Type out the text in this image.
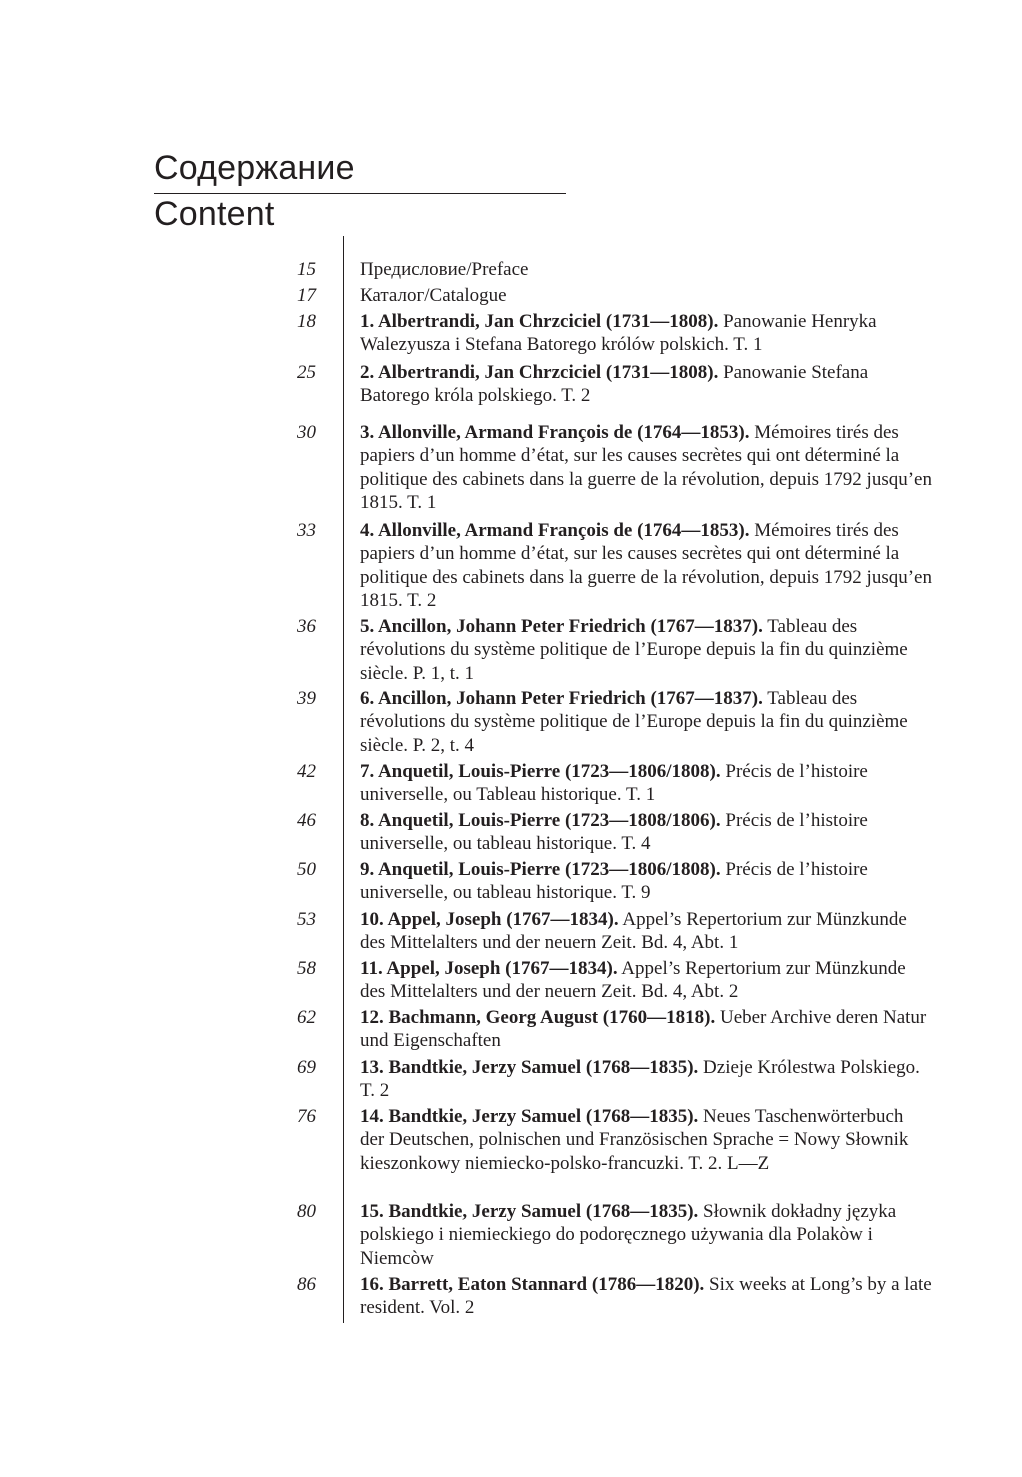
Содержание
Content
15 Предисловие/Preface
17 Каталог/Catalogue
18 1. Albertrandi, Jan Chrzciciel (1731—1808). Panowanie Henryka Walezyusza i Stefana Batorego królów polskich. T. 1
25 2. Albertrandi, Jan Chrzciciel (1731—1808). Panowanie Stefana Batorego króla polskiego. T. 2
30 3. Allonville, Armand François de (1764—1853). Mémoires tirés des papiers d’un homme d’état, sur les causes secrètes qui ont déterminé la politique des cabinets dans la guerre de la révolution, depuis 1792 jusqu’en 1815. T. 1
33 4. Allonville, Armand François de (1764—1853). Mémoires tirés des papiers d’un homme d’état, sur les causes secrètes qui ont déterminé la politique des cabinets dans la guerre de la révolution, depuis 1792 jusqu’en 1815. T. 2
36 5. Ancillon, Johann Peter Friedrich (1767—1837). Tableau des révolutions du système politique de l’Europe depuis la fin du quinzième siècle. P. 1, t. 1
39 6. Ancillon, Johann Peter Friedrich (1767—1837). Tableau des révolutions du système politique de l’Europe depuis la fin du quinzième siècle. P. 2, t. 4
42 7. Anquetil, Louis-Pierre (1723—1806/1808). Précis de l’histoire universelle, ou Tableau historique. T. 1
46 8. Anquetil, Louis-Pierre (1723—1808/1806). Précis de l’histoire universelle, ou tableau historique. T. 4
50 9. Anquetil, Louis-Pierre (1723—1806/1808). Précis de l’histoire universelle, ou tableau historique. T. 9
53 10. Appel, Joseph (1767—1834). Appel’s Repertorium zur Münzkunde des Mittelalters und der neuern Zeit. Bd. 4, Abt. 1
58 11. Appel, Joseph (1767—1834). Appel’s Repertorium zur Münzkunde des Mittelalters und der neuern Zeit. Bd. 4, Abt. 2
62 12. Bachmann, Georg August (1760—1818). Ueber Archive deren Natur und Eigenschaften
69 13. Bandtkie, Jerzy Samuel (1768—1835). Dzieje Królestwa Polskiego. T. 2
76 14. Bandtkie, Jerzy Samuel (1768—1835). Neues Taschenwörterbuch der Deutschen, polnischen und Französischen Sprache = Nowy Słownik kieszonkowy niemiecko-polsko-francuzki. T. 2. L—Z
80 15. Bandtkie, Jerzy Samuel (1768—1835). Słownik dokładny języka polskiego i niemieckiego do podoręcznego używania dla Polakòw i Niemcòw
86 16. Barrett, Eaton Stannard (1786—1820). Six weeks at Long’s by a late resident. Vol. 2
